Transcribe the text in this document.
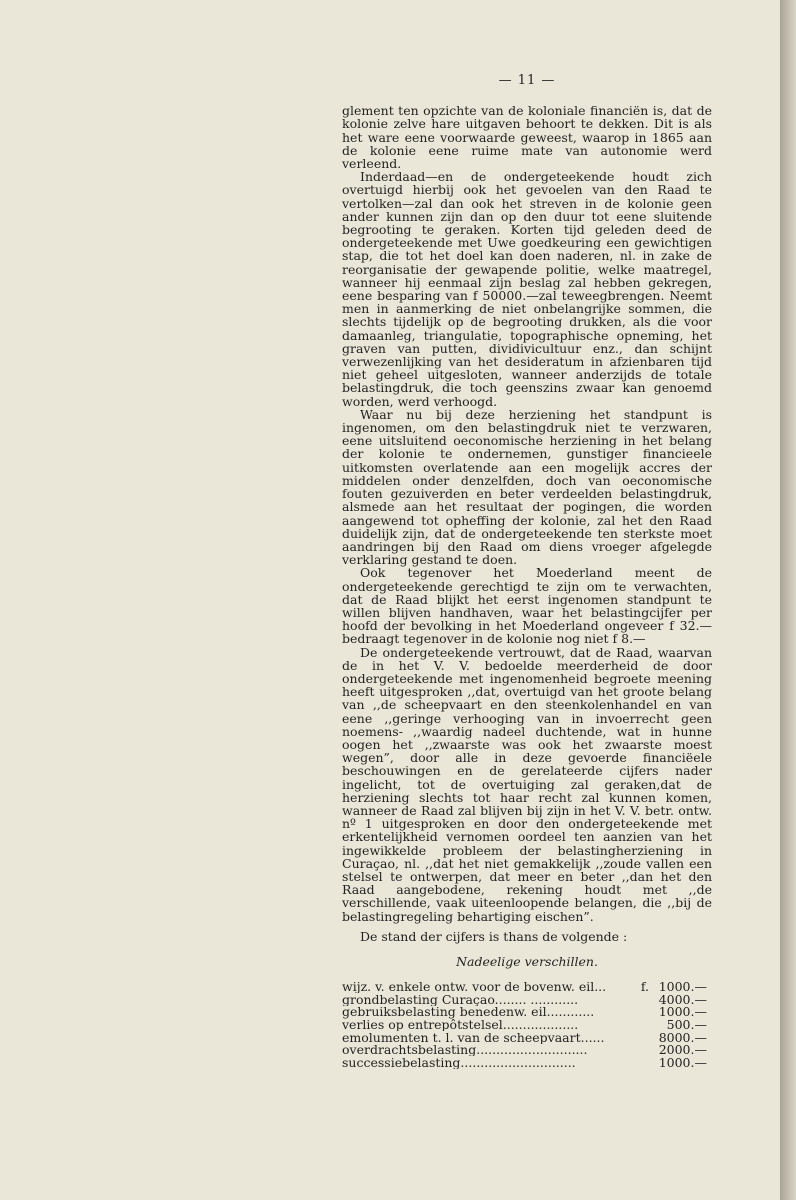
— 11 —

glement ten opzichte van de koloniale financiën is, dat de kolonie zelve hare uitgaven behoort te dekken. Dit is als het ware eene voorwaarde geweest, waarop in 1865 aan de kolonie eene ruime mate van autonomie werd verleend.

Inderdaad—en de ondergeteekende houdt zich overtuigd hierbij ook het gevoelen van den Raad te vertolken—zal dan ook het streven in de kolonie geen ander kunnen zijn dan op den duur tot eene sluitende begrooting te geraken. Korten tijd geleden deed de ondergeteekende met Uwe goedkeuring een gewichtigen stap, die tot het doel kan doen naderen, nl. in zake de reorganisatie der gewapende politie, welke maatregel, wanneer hij eenmaal zijn beslag zal hebben gekregen, eene besparing van f 50000.—zal teweegbrengen. Neemt men in aanmerking de niet onbelangrijke sommen, die slechts tijdelijk op de begrooting drukken, als die voor damaanleg, triangulatie, topographische opneming, het graven van putten, dividivicultuur enz., dan schijnt verwezenlijking van het desideratum in afzienbaren tijd niet geheel uitgesloten, wanneer anderzijds de totale belastingdruk, die toch geenszins zwaar kan genoemd worden, werd verhoogd.

Waar nu bij deze herziening het standpunt is ingenomen, om den belastingdruk niet te verzwaren, eene uitsluitend oeconomische herziening in het belang der kolonie te ondernemen, gunstiger financieele uitkomsten overlatende aan een mogelijk accres der middelen onder denzelfden, doch van oeconomische fouten gezuiverden en beter verdeelden belastingdruk, alsmede aan het resultaat der pogingen, die worden aangewend tot opheffing der kolonie, zal het den Raad duidelijk zijn, dat de ondergeteekende ten sterkste moet aandringen bij den Raad om diens vroeger afgelegde verklaring gestand te doen.

Ook tegenover het Moederland meent de ondergeteekende gerechtigd te zijn om te verwachten, dat de Raad blijkt het eerst ingenomen standpunt te willen blijven handhaven, waar het belastingcijfer per hoofd der bevolking in het Moederland ongeveer f 32.— bedraagt tegenover in de kolonie nog niet f 8.—

De ondergeteekende vertrouwt, dat de Raad, waarvan de in het V. V. bedoelde meerderheid de door ondergeteekende met ingenomenheid begroete meening heeft uitgesproken ,,dat, overtuigd van het groote belang van ,,de scheepvaart en den steenkolenhandel en van eene ,,geringe verhooging van in invoerrecht geen noemens- ,,waardig nadeel duchtende, wat in hunne oogen het ,,zwaarste was ook het zwaarste moest wegen”, door alle in deze gevoerde financiëele beschouwingen en de gerelateerde cijfers nader ingelicht, tot de overtuiging zal geraken,dat de herziening slechts tot haar recht zal kunnen komen, wanneer de Raad zal blijven bij zijn in het V. V. betr. ontw. nº 1 uitgesproken en door den ondergeteekende met erkentelijkheid vernomen oordeel ten aanzien van het ingewikkelde probleem der belastingherziening in Curaçao, nl. ,,dat het niet gemakkelijk ,,zoude vallen een stelsel te ontwerpen, dat meer en beter ,,dan het den Raad aangebodene, rekening houdt met ,,de verschillende, vaak uiteenloopende belangen, die ,,bij de belastingregeling behartiging eischen”.

De stand der cijfers is thans de volgende :

Nadeelige verschillen.

wijz. v. enkele ontw. voor de bovenw. eil...	f. 1000.—
grondbelasting Curaçao........ ............	4000.—
gebruiksbelasting benedenw. eil............	1000.—
verlies op entrepôtstelsel...................	500.—
emolumenten t. l. van de scheepvaart......	8000.—
overdrachtsbelasting............................	2000.—
successiebelasting.............................	1000.—
